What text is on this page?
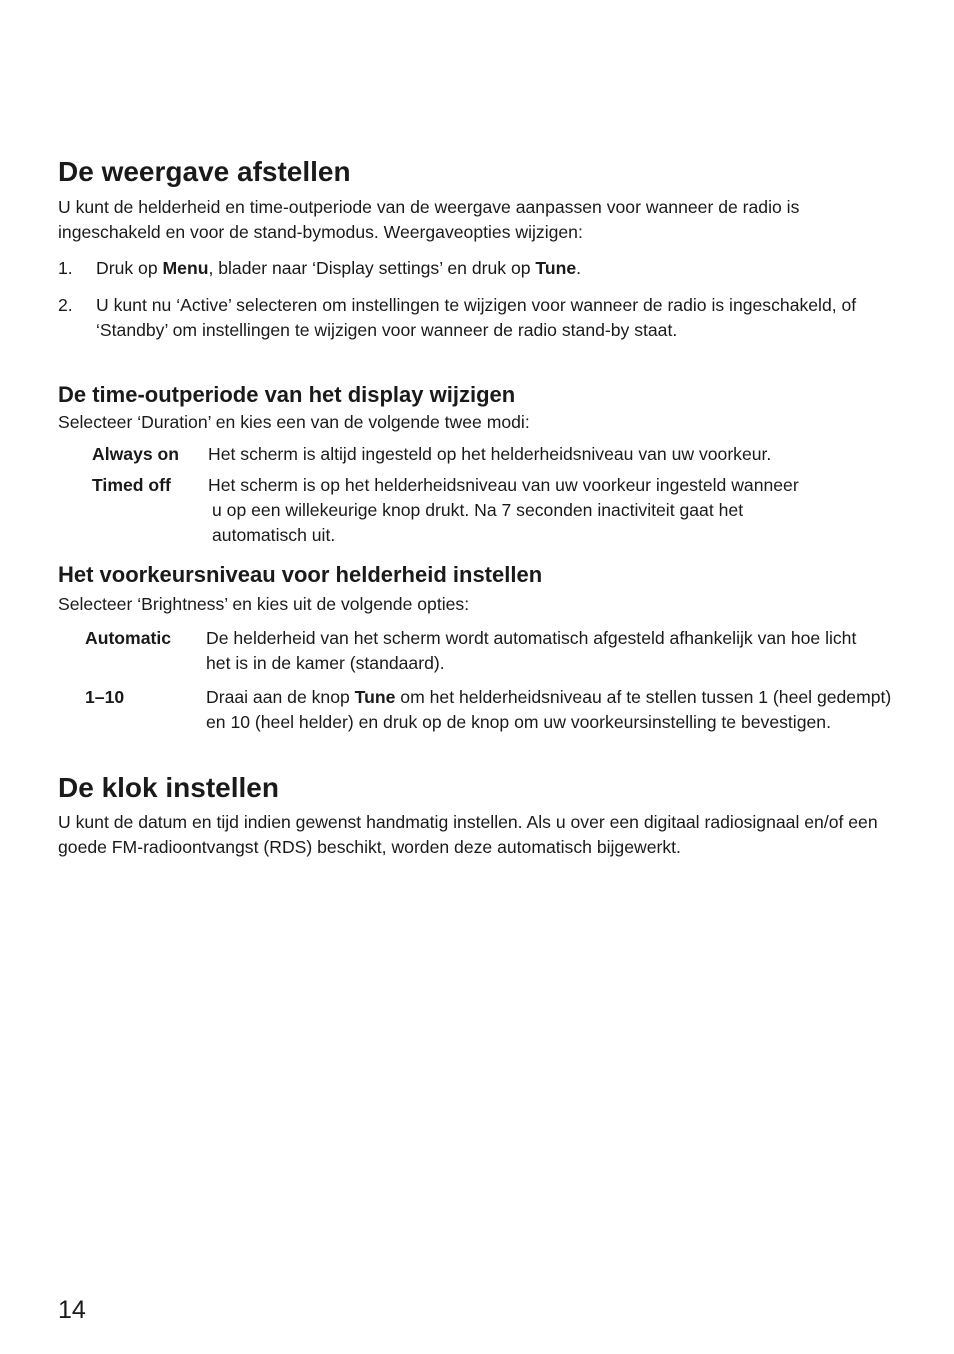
De weergave afstellen

U kunt de helderheid en time-outperiode van de weergave aanpassen voor wanneer de radio is ingeschakeld en voor de stand-bymodus. Weergaveopties wijzigen:

1. Druk op Menu, blader naar ‘Display settings’ en druk op Tune.
2. U kunt nu ‘Active’ selecteren om instellingen te wijzigen voor wanneer de radio is ingeschakeld, of ‘Standby’ om instellingen te wijzigen voor wanneer de radio stand-by staat.
De time-outperiode van het display wijzigen

Selecteer ‘Duration’ en kies een van de volgende twee modi:

Always on Het scherm is altijd ingesteld op het helderheidsniveau van uw voorkeur.
Timed off Het scherm is op het helderheidsniveau van uw voorkeur ingesteld wanneer
u op een willekeurige knop drukt. Na 7 seconden inactiviteit gaat het automatisch uit.
Het voorkeursniveau voor helderheid instellen

Selecteer ‘Brightness’ en kies uit de volgende opties:

Automatic De helderheid van het scherm wordt automatisch afgesteld afhankelijk van hoe licht het is in de kamer (standaard).
1–10	Draai aan de knop Tune om het helderheidsniveau af te stellen tussen 1 (heel gedempt) en 10 (heel helder) en druk op de knop om uw voorkeursinstelling te bevestigen.
De klok instellen

U kunt de datum en tijd indien gewenst handmatig instellen. Als u over een digitaal radiosignaal en/of een goede FM-radioontvangst (RDS) beschikt, worden deze automatisch bijgewerkt.

14
